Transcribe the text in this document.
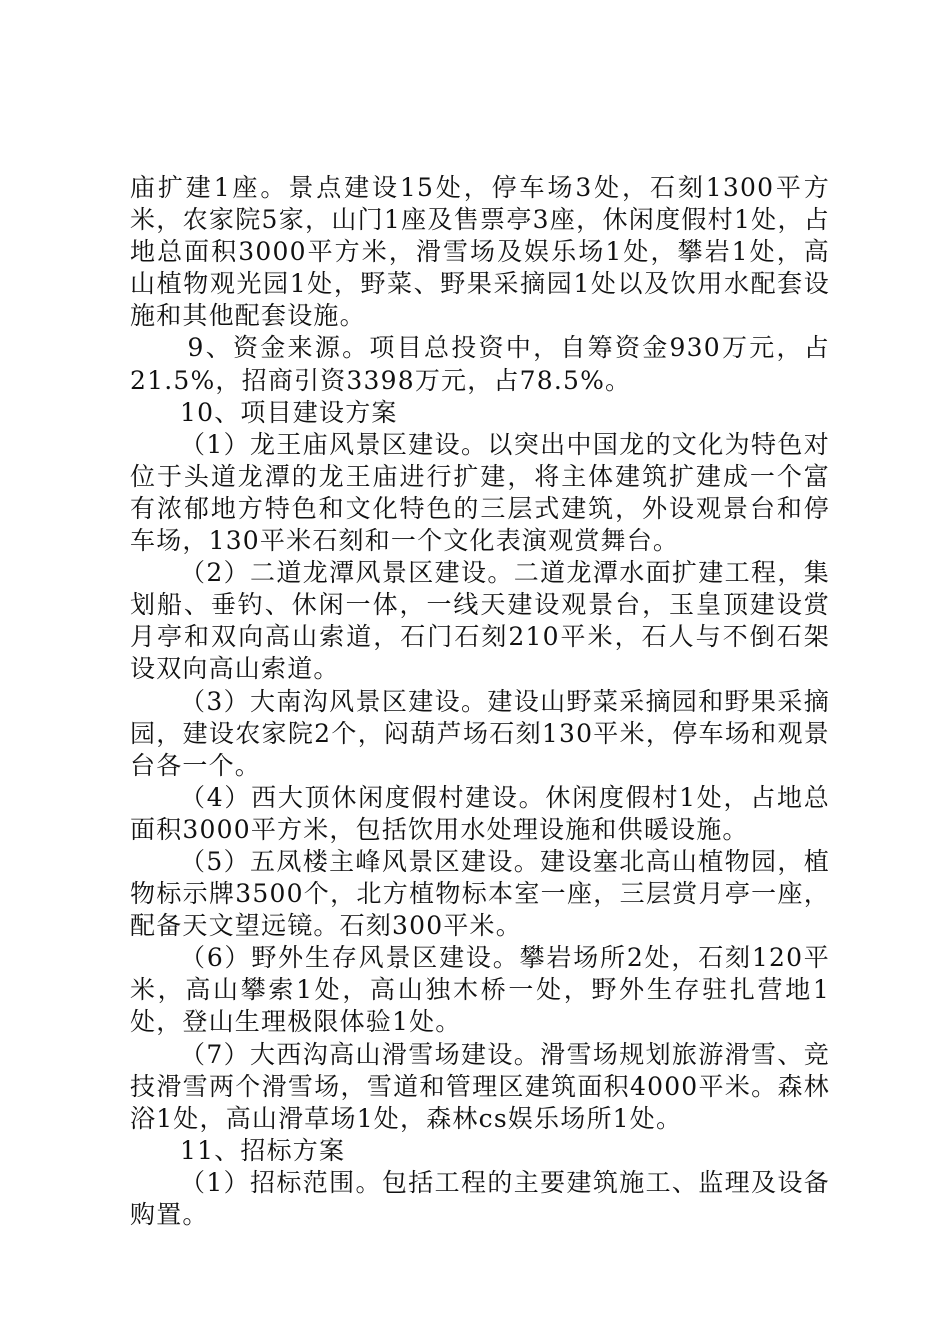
庙扩建1座。景点建设15处，停车场3处，石刻1300平方米，农家院5家，山门1座及售票亭3座，休闲度假村1处，占地总面积3000平方米，滑雪场及娱乐场1处，攀岩1处，高山植物观光园1处，野菜、野果采摘园1处以及饮用水配套设施和其他配套设施。

9、资金来源。项目总投资中，自筹资金930万元，占21.5%，招商引资3398万元，占78.5%。

10、项目建设方案

（1）龙王庙风景区建设。以突出中国龙的文化为特色对位于头道龙潭的龙王庙进行扩建，将主体建筑扩建成一个富有浓郁地方特色和文化特色的三层式建筑，外设观景台和停车场，130平米石刻和一个文化表演观赏舞台。

（2）二道龙潭风景区建设。二道龙潭水面扩建工程，集划船、垂钓、休闲一体，一线天建设观景台，玉皇顶建设赏月亭和双向高山索道，石门石刻210平米，石人与不倒石架设双向高山索道。

（3）大南沟风景区建设。建设山野菜采摘园和野果采摘园，建设农家院2个，闷葫芦场石刻130平米，停车场和观景台各一个。

（4）西大顶休闲度假村建设。休闲度假村1处，占地总面积3000平方米，包括饮用水处理设施和供暖设施。

（5）五凤楼主峰风景区建设。建设塞北高山植物园，植物标示牌3500个，北方植物标本室一座，三层赏月亭一座，配备天文望远镜。石刻300平米。

（6）野外生存风景区建设。攀岩场所2处，石刻120平米，高山攀索1处，高山独木桥一处，野外生存驻扎营地1处，登山生理极限体验1处。

（7）大西沟高山滑雪场建设。滑雪场规划旅游滑雪、竞技滑雪两个滑雪场，雪道和管理区建筑面积4000平米。森林浴1处，高山滑草场1处，森林cs娱乐场所1处。

11、招标方案

（1）招标范围。包括工程的主要建筑施工、监理及设备购置。
